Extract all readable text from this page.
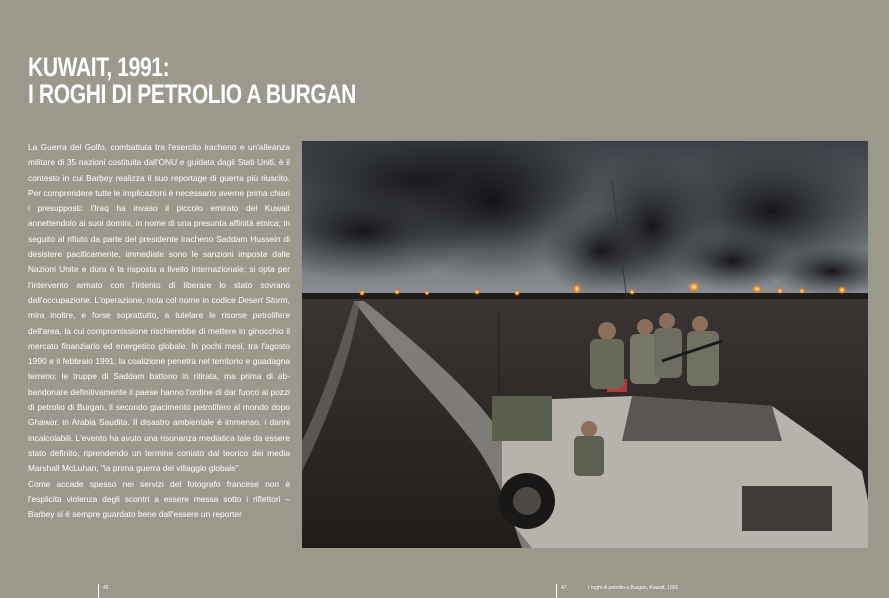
KUWAIT, 1991:
I ROGHI DI PETROLIO A BURGAN

La Guerra del Golfo, combattuta tra l'esercito iracheno e un'alleanza militare di 35 nazioni costituita dall'ONU e guidata dagli Stati Uniti, è il contesto in cui Barbey realizza il suo reportage di guerra più riuscito. Per comprendere tutte le implicazioni è necessario averne prima chiari i presupposti: l'Iraq ha invaso il piccolo emirato del Kuwait annettendolo ai suoi domini, in nome di una presunta affinità etnica; in seguito al rifiuto da parte del presidente iracheno Saddam Hussein di desistere pacificamente, immediate sono le sanzioni imposte dalle Nazioni Unite e dura è la risposta a livello internazionale; si opta per l'intervento armato con l'intento di liberare lo stato sovrano dall'occupazione. L'operazione, nota col nome in codice Desert Storm, mira inoltre, e forse soprattutto, a tutelare le risorse petrolifere dell'area, la cui compromissione rischierebbe di mettere in ginocchio il mercato finanziario ed energetico globale. In pochi mesi, tra l'agosto 1990 e il febbraio 1991, la coalizione penetra nel territorio e guadagna terreno; le truppe di Saddam battono in ritirata, ma prima di abbandonare definitivamente il paese hanno l'ordine di dar fuoco ai pozzi di petrolio di Burgan, il secondo giacimento petrolifero al mondo dopo Ghawar, in Arabia Saudita. Il disastro ambientale è immenso, i danni incalcolabili. L'evento ha avuto una risonanza mediatica tale da essere stato definito, riprendendo un termine coniato dal teorico dei media Marshall McLuhan, "la prima guerra del villaggio globale".

Come accade spesso nei servizi del fotografo francese non è l'esplicita violenza degli scontri a essere messa sotto i riflettori – Barbey si è sempre guardato bene dall'essere un reporter

46	47	I roghi di petrolio a Burgan, Kuwait, 1991
